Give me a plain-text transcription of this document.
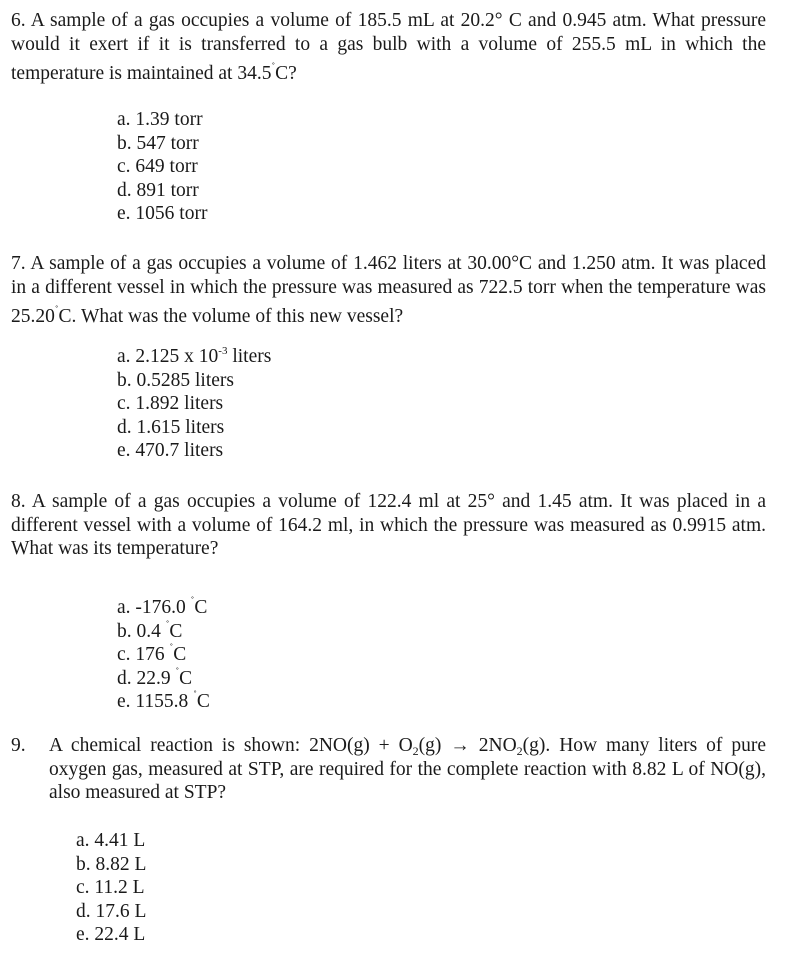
6. A sample of a gas occupies a volume of 185.5 mL at 20.2° C and 0.945 atm. What pressure would it exert if it is transferred to a gas bulb with a volume of 255.5 mL in which the temperature is maintained at 34.5˚C?

a. 1.39 torr
b. 547 torr
c. 649 torr
d. 891 torr
e. 1056 torr

7. A sample of a gas occupies a volume of 1.462 liters at 30.00°C and 1.250 atm. It was placed in a different vessel in which the pressure was measured as 722.5 torr when the temperature was 25.20˚C. What was the volume of this new vessel?

a. 2.125 x $10^{-3}$ liters
b. 0.5285 liters
c. 1.892 liters
d. 1.615 liters
e. 470.7 liters

8. A sample of a gas occupies a volume of 122.4 ml at 25° and 1.45 atm. It was placed in a different vessel with a volume of 164.2 ml, in which the pressure was measured as 0.9915 atm. What was its temperature?

a. -176.0 ˚C
b. 0.4 ˚C
c. 176 ˚C
d. 22.9 ˚C
e. 1155.8 ˚C

9. A chemical reaction is shown: $2NO(g) + O_2(g) \to 2NO_2(g)$. How many liters of pure oxygen gas, measured at STP, are required for the complete reaction with 8.82 L of NO(g), also measured at STP?

a. 4.41 L
b. 8.82 L
c. 11.2 L
d. 17.6 L
e. 22.4 L
